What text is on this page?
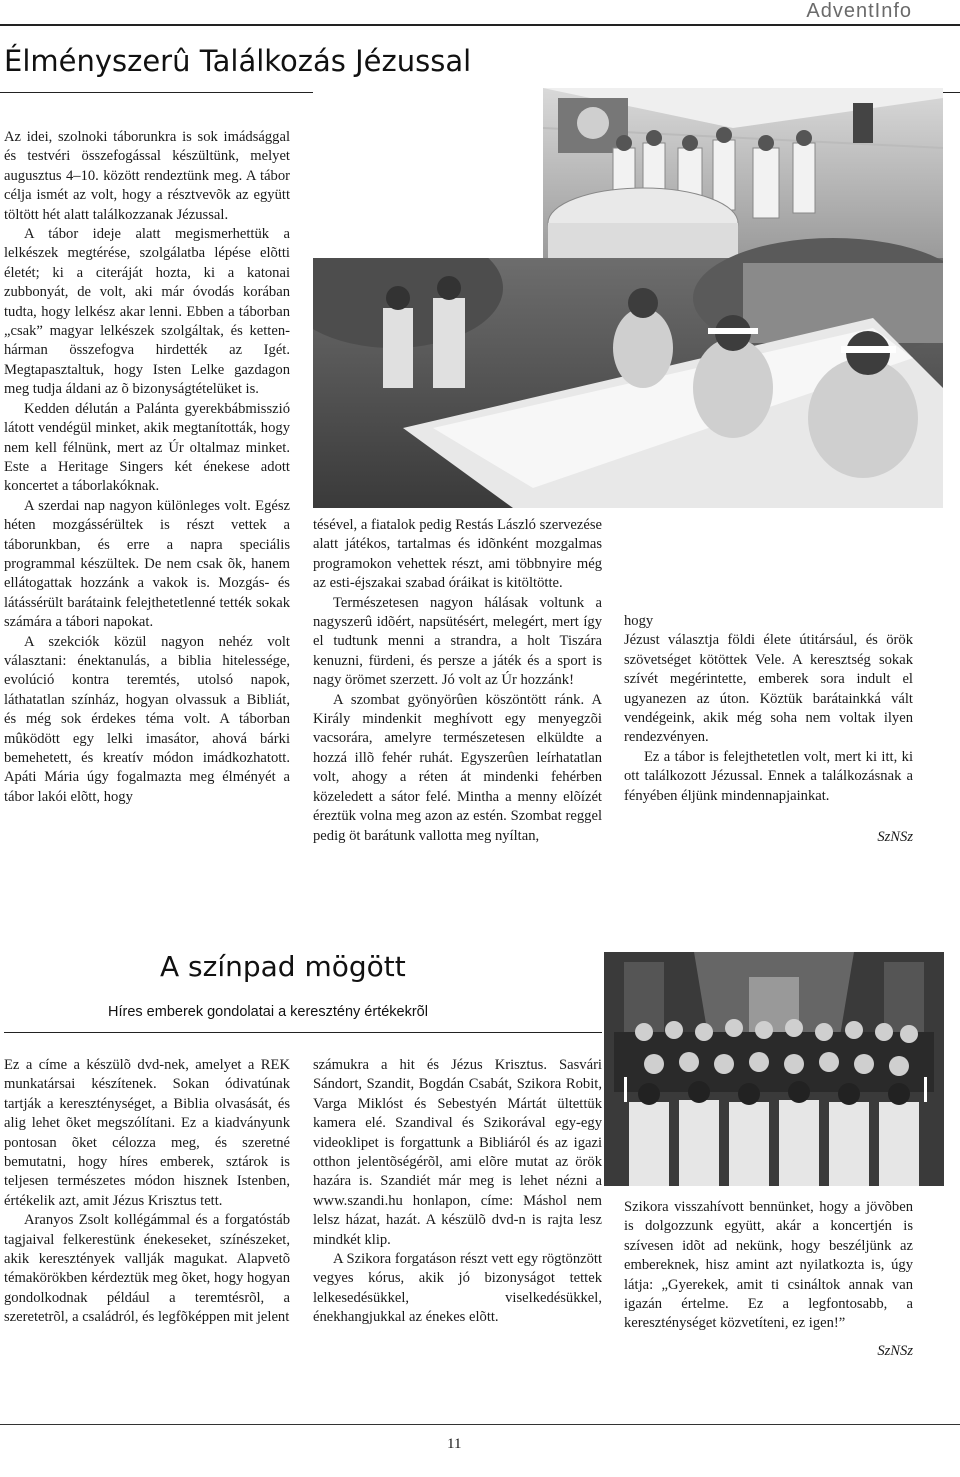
AdventInfo
Élményszerû Találkozás Jézussal

Az idei, szolnoki táborunkra is sok imádsággal és testvéri összefogással készültünk, melyet augusztus 4–10. között rendeztünk meg. A tábor célja ismét az volt, hogy a résztvevõk az együtt töltött hét alatt találkozzanak Jézussal.

A tábor ideje alatt megismerhettük a lelkészek megtérése, szolgálatba lépése elõtti életét; ki a citeráját hozta, ki a katonai zubbonyát, de volt, aki már óvodás korában tudta, hogy lelkész akar lenni. Ebben a táborban „csak” magyar lelkészek szolgáltak, és ketten-hárman összefogva hirdették az Igét. Megtapasztaltuk, hogy Isten Lelke gazdagon meg tudja áldani az õ bizonyságtételüket is.

Kedden délután a Palánta gyerekbábmisszió látott vendégül minket, akik megtanították, hogy nem kell félnünk, mert az Úr oltalmaz minket. Este a Heritage Singers két énekese adott koncertet a táborlakóknak.

A szerdai nap nagyon különleges volt. Egész héten mozgássérültek is részt vettek a táborunkban, és erre a napra speciális programmal készültek. De nem csak õk, hanem ellátogattak hozzánk a vakok is. Mozgás- és látássérült barátaink felejthetetlenné tették sokak számára a tábori napokat.

A szekciók közül nagyon nehéz volt választani: énektanulás, a biblia hitelessége, evolúció kontra teremtés, utolsó napok, láthatatlan színház, hogyan olvassuk a Bibliát, és még sok érdekes téma volt. A táborban mûködött egy lelki imasátor, ahová bárki bemehetett, és kreatív módon imádkozhatott. Apáti Mária úgy fogalmazta meg élményét a tábor lakói elõtt, hogy

tésével, a fiatalok pedig Restás László szervezése alatt játékos, tartalmas és idõnként mozgalmas programokon vehettek részt, ami többnyire még az esti-éjszakai szabad óráikat is kitöltötte.

Természetesen nagyon hálásak voltunk a nagyszerû idõért, napsütésért, melegért, mert így el tudtunk menni a strandra, a holt Tiszára kenuzni, fürdeni, és persze a játék és a sport is nagy örömet szerzett. Jó volt az Úr hozzánk!

A szombat gyönyörûen köszöntött ránk. A Király mindenkit meghívott egy menyegzõi vacsorára, amelyre természetesen elküldte a hozzá illõ fehér ruhát. Egyszerûen leírhatatlan volt, ahogy a réten át mindenki fehérben közeledett a sátor felé. Mintha a menny elõízét éreztük volna meg azon az estén. Szombat reggel pedig öt barátunk vallotta meg nyíltan,

hogy

Jézust választja földi élete útitársául, és örök szövetséget kötöttek Vele. A keresztség sokak szívét megérintette, emberek sora indult el ugyanezen az úton. Köztük barátainkká vált vendégeink, akik még soha nem voltak ilyen rendezvényen.

Ez a tábor is felejthetetlen volt, mert ki itt, ki ott találkozott Jézussal. Ennek a találkozásnak a fényében éljünk mindennapjainkat.

SzNSz
A színpad mögött
Híres emberek gondolatai a keresztény értékekrõl

Ez a címe a készülõ dvd-nek, amelyet a REK munkatársai készítenek. Sokan ódivatúnak tartják a kereszténységet, a Biblia olvasását, és alig lehet õket megszólítani. Ez a kiadványunk pontosan õket célozza meg, és szeretné bemutatni, hogy híres emberek, sztárok is teljesen természetes módon hisznek Istenben, értékelik azt, amit Jézus Krisztus tett.

Aranyos Zsolt kollégámmal és a forgatóstáb tagjaival felkerestünk énekeseket, színészeket, akik keresztények vallják magukat. Alapvetõ témakörökben kérdeztük meg õket, hogy hogyan gondolkodnak például a teremtésrõl, a szeretetrõl, a családról, és legfõképpen mit jelent

számukra a hit és Jézus Krisztus. Sasvári Sándort, Szandit, Bogdán Csabát, Szikora Robit, Varga Miklóst és Sebestyén Mártát ültettük kamera elé. Szandival és Szikorával egy-egy videoklipet is forgattunk a Bibliáról és az igazi otthon jelentõségérõl, ami elõre mutat az örök hazára is. Szandiét már meg is lehet nézni a www.szandi.hu honlapon, címe: Máshol nem lelsz házat, hazát. A készülõ dvd-n is rajta lesz mindkét klip.

A Szikora forgatáson részt vett egy rögtönzött vegyes kórus, akik jó bizonyságot tettek lelkesedésükkel, viselkedésükkel, énekhangjukkal az énekes elõtt.

Szikora visszahívott bennünket, hogy a jövõben is dolgozzunk együtt, akár a koncertjén is szívesen idõt ad nekünk, hogy beszéljünk az embereknek, hisz amint azt nyilatkozta is, úgy látja: „Gyerekek, amit ti csináltok annak van igazán értelme. Ez a legfontosabb, a kereszténységet közvetíteni, ez igen!”

SzNSz
11
